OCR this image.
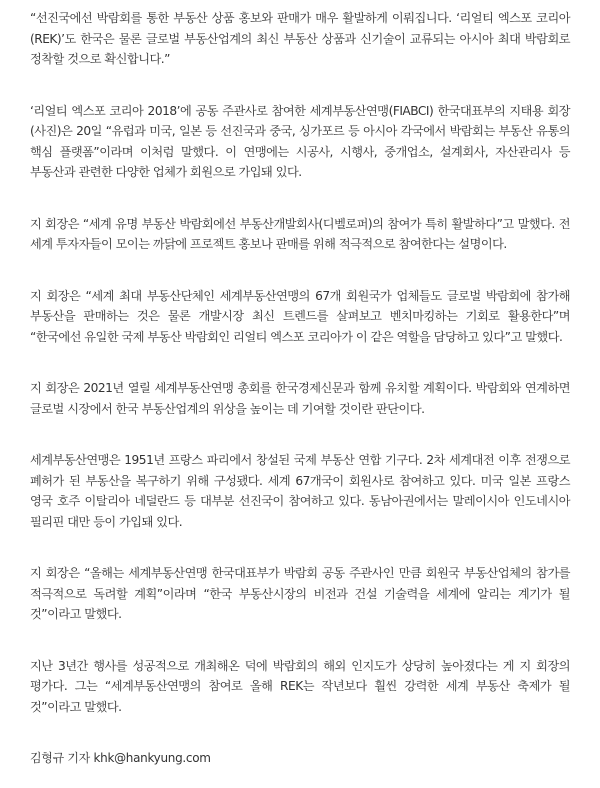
“선진국에선 박람회를 통한 부동산 상품 홍보와 판매가 매우 활발하게 이뤄집니다. ‘리얼티 엑스포 코리아(REK)’도 한국은 물론 글로벌 부동산업계의 최신 부동산 상품과 신기술이 교류되는 아시아 최대 박람회로 정착할 것으로 확신합니다.”

‘리얼티 엑스포 코리아 2018’에 공동 주관사로 참여한 세계부동산연맹(FIABCI) 한국대표부의 지태용 회장(사진)은 20일 “유럽과 미국, 일본 등 선진국과 중국, 싱가포르 등 아시아 각국에서 박람회는 부동산 유통의 핵심 플랫폼”이라며 이처럼 말했다. 이 연맹에는 시공사, 시행사, 중개업소, 설계회사, 자산관리사 등 부동산과 관련한 다양한 업체가 회원으로 가입돼 있다.

지 회장은 “세계 유명 부동산 박람회에선 부동산개발회사(디벨로퍼)의 참여가 특히 활발하다”고 말했다. 전 세계 투자자들이 모이는 까닭에 프로젝트 홍보나 판매를 위해 적극적으로 참여한다는 설명이다.

지 회장은 “세계 최대 부동산단체인 세계부동산연맹의 67개 회원국가 업체들도 글로벌 박람회에 참가해 부동산을 판매하는 것은 물론 개발시장 최신 트렌드를 살펴보고 벤치마킹하는 기회로 활용한다”며 “한국에선 유일한 국제 부동산 박람회인 리얼티 엑스포 코리아가 이 같은 역할을 담당하고 있다”고 말했다.

지 회장은 2021년 열릴 세계부동산연맹 총회를 한국경제신문과 함께 유치할 계획이다. 박람회와 연계하면 글로벌 시장에서 한국 부동산업계의 위상을 높이는 데 기여할 것이란 판단이다.

세계부동산연맹은 1951년 프랑스 파리에서 창설된 국제 부동산 연합 기구다. 2차 세계대전 이후 전쟁으로 폐허가 된 부동산을 복구하기 위해 구성됐다. 세계 67개국이 회원사로 참여하고 있다. 미국 일본 프랑스 영국 호주 이탈리아 네덜란드 등 대부분 선진국이 참여하고 있다. 동남아권에서는 말레이시아 인도네시아 필리핀 대만 등이 가입돼 있다.

지 회장은 “올해는 세계부동산연맹 한국대표부가 박람회 공동 주관사인 만큼 회원국 부동산업체의 참가를 적극적으로 독려할 계획”이라며 “한국 부동산시장의 비전과 건설 기술력을 세계에 알리는 계기가 될 것”이라고 말했다.

지난 3년간 행사를 성공적으로 개최해온 덕에 박람회의 해외 인지도가 상당히 높아졌다는 게 지 회장의 평가다. 그는 “세계부동산연맹의 참여로 올해 REK는 작년보다 훨씬 강력한 세계 부동산 축제가 될 것”이라고 말했다.

김형규 기자 khk@hankyung.com
